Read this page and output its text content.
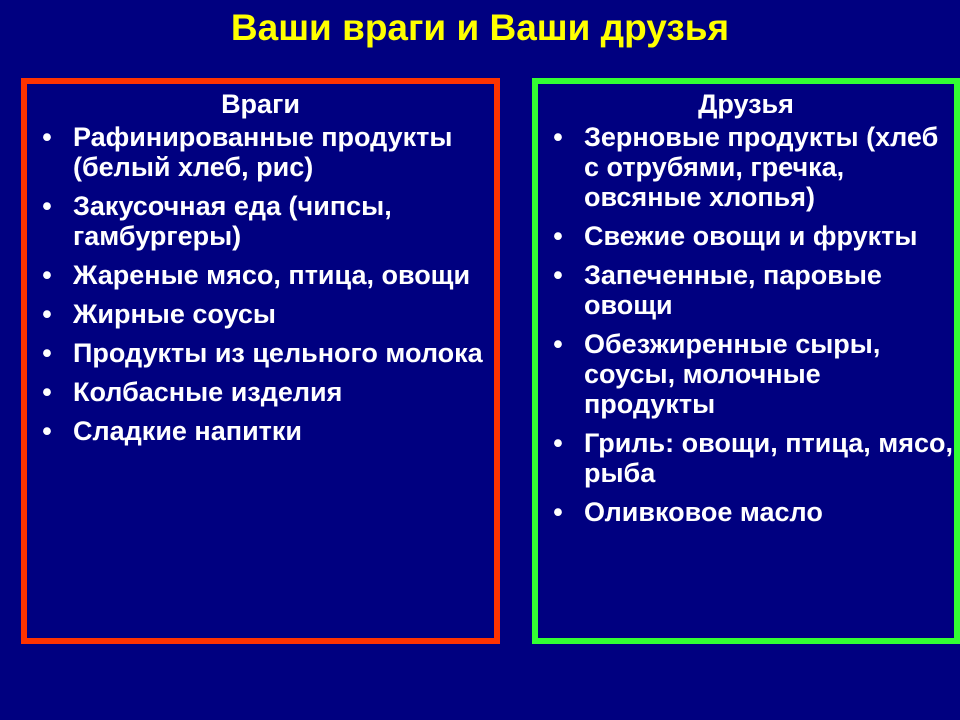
Ваши враги и Ваши друзья
Враги
• Рафинированные продукты (белый хлеб, рис)
• Закусочная еда (чипсы, гамбургеры)
• Жареные мясо, птица, овощи
• Жирные соусы
• Продукты из цельного молока
• Колбасные изделия
• Сладкие напитки
Друзья
• Зерновые продукты (хлеб с отрубями, гречка, овсяные хлопья)
• Свежие овощи и фрукты
• Запеченные, паровые овощи
• Обезжиренные сыры, соусы, молочные продукты
• Гриль: овощи, птица, мясо, рыба
• Оливковое масло
